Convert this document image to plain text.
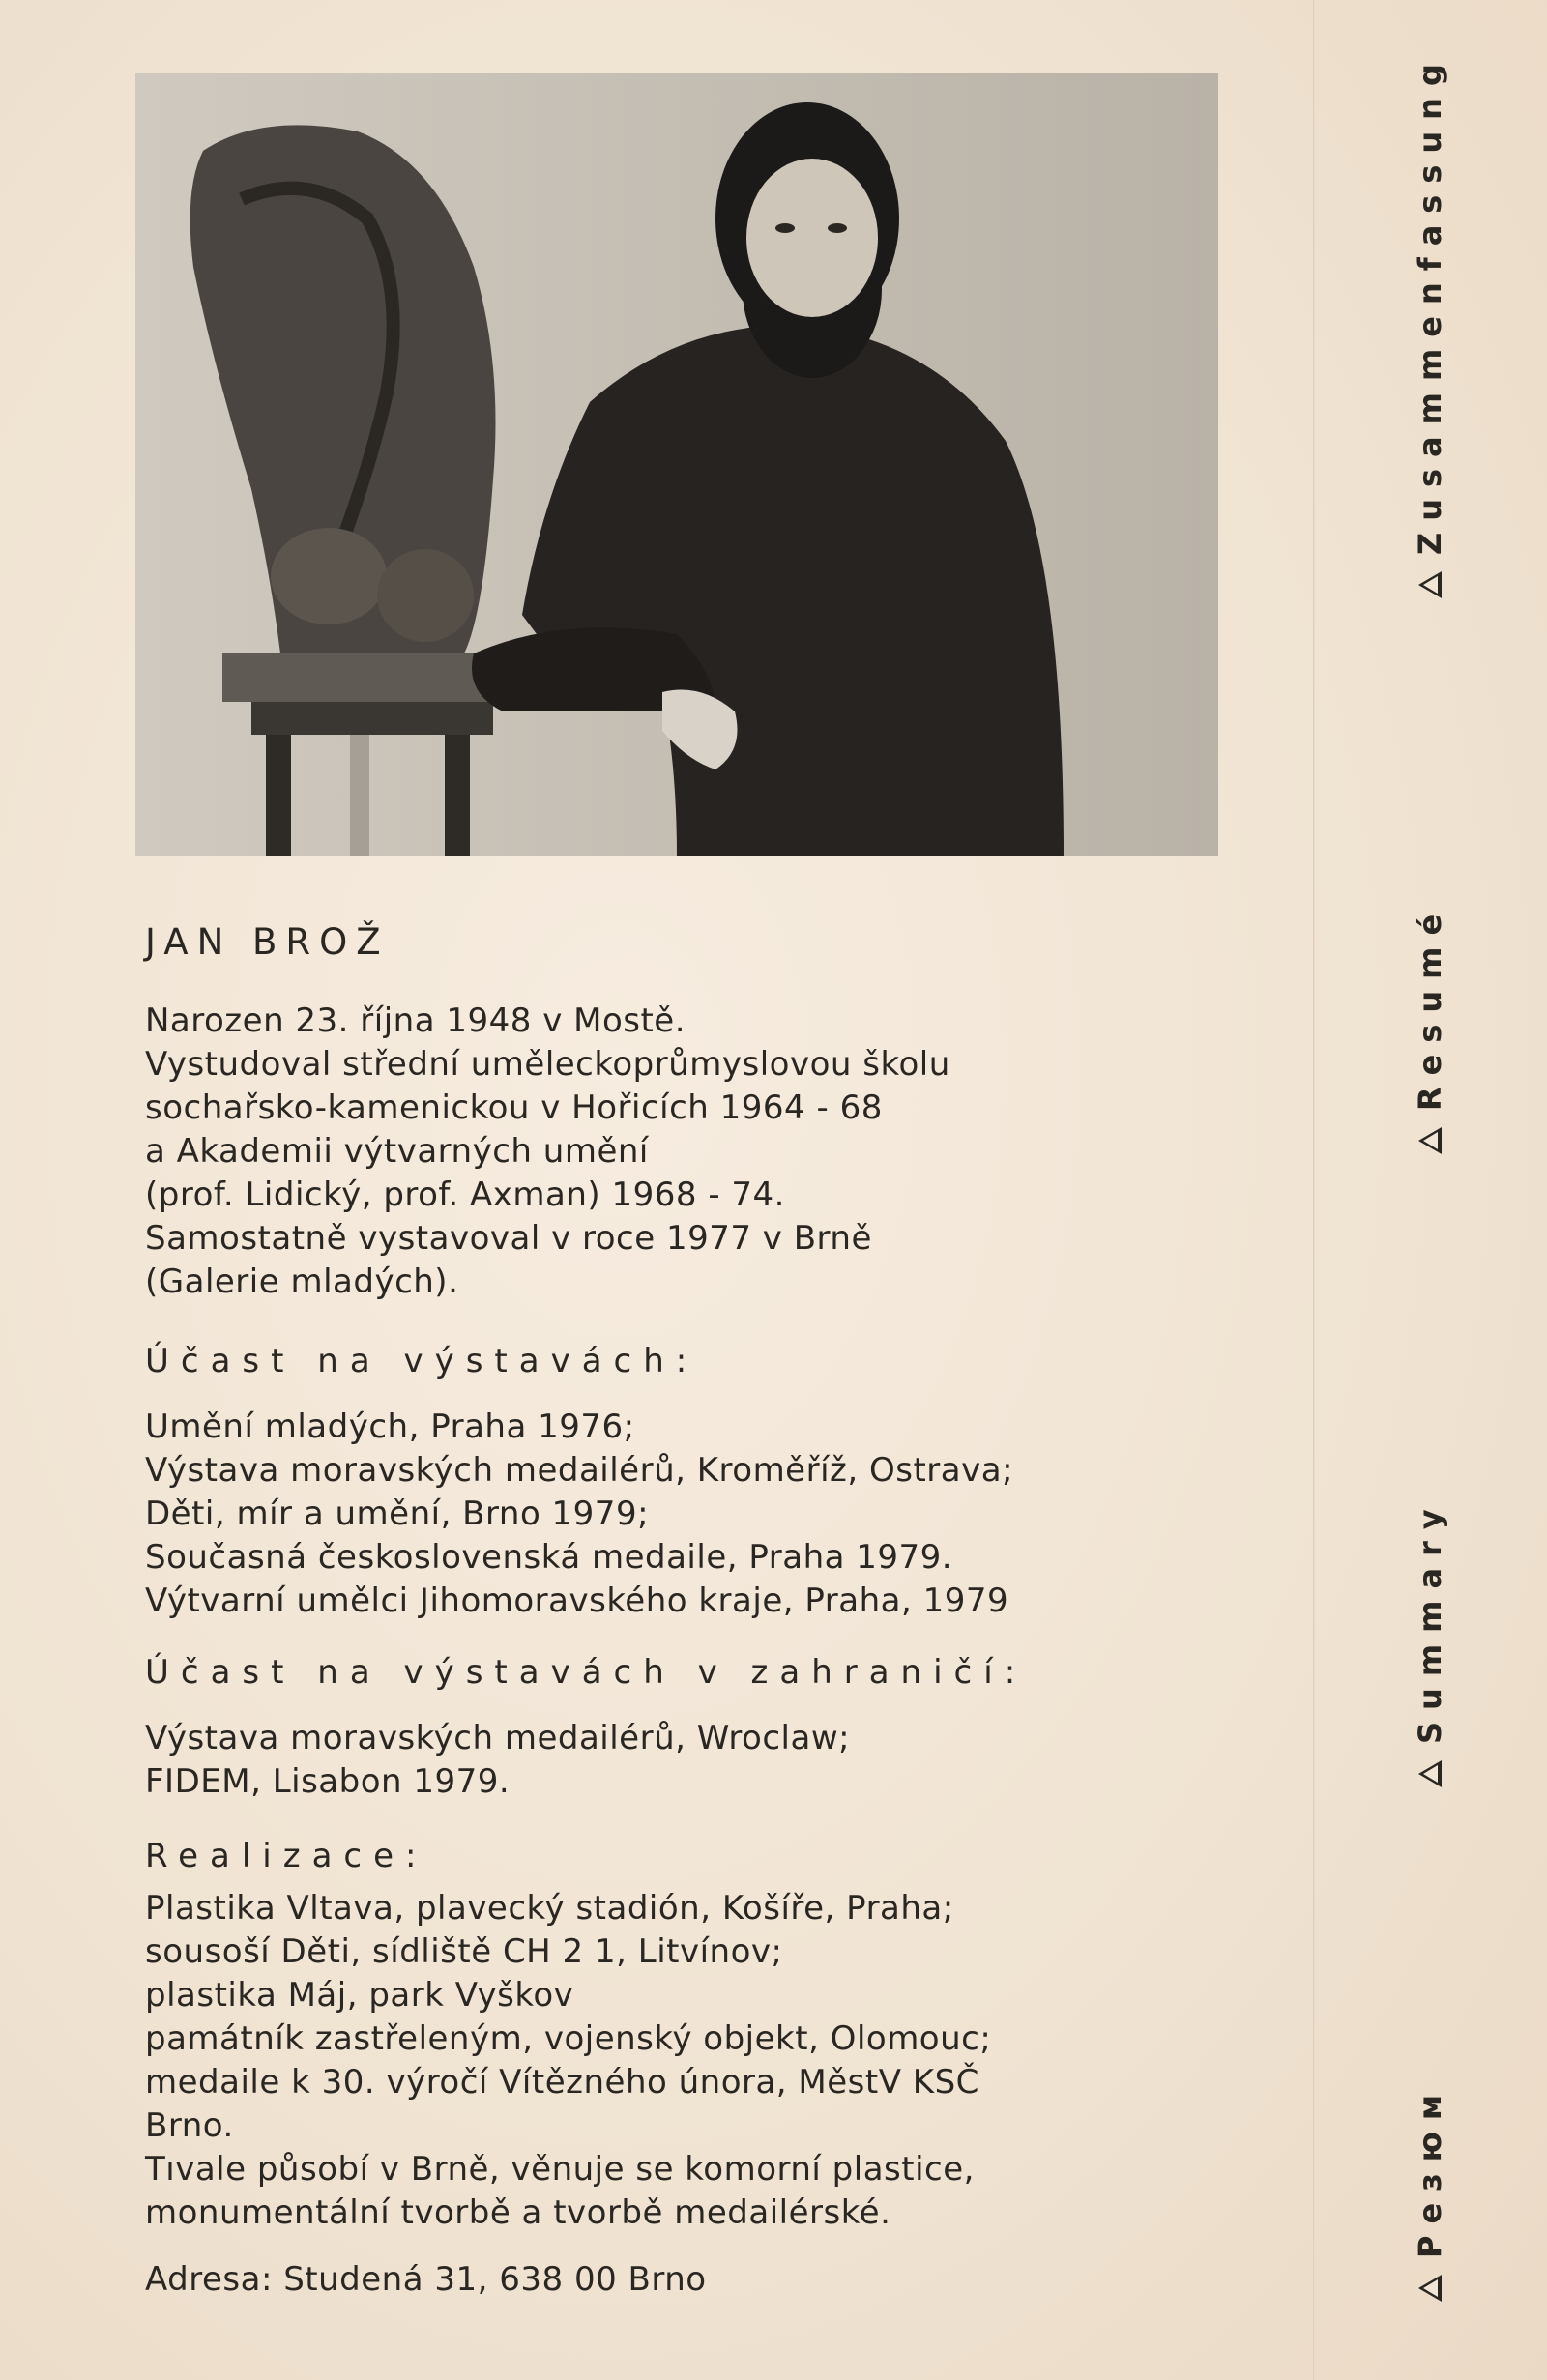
JAN BROŽ
Narozen 23. října 1948 v Mostě.
Vystudoval střední uměleckoprůmyslovou školu
sochařsko-kamenickou v Hořicích 1964 - 68
a Akademii výtvarných umění
(prof. Lidický, prof. Axman) 1968 - 74.
Samostatně vystavoval v roce 1977 v Brně
(Galerie mladých).
Účast na výstavách:
Umění mladých, Praha 1976;
Výstava moravských medailérů, Kroměříž, Ostrava;
Děti, mír a umění, Brno 1979;
Současná československá medaile, Praha 1979.
Výtvarní umělci Jihomoravského kraje, Praha, 1979
Účast na výstavách v zahraničí:
Výstava moravských medailérů, Wroclaw;
FIDEM, Lisabon 1979.
Realizace:
Plastika Vltava, plavecký stadión, Košíře, Praha;
sousoší Děti, sídliště CH 2 1, Litvínov;
plastika Máj, park Vyškov
památník zastřeleným, vojenský objekt, Olomouc;
medaile k 30. výročí Vítězného února, MěstV KSČ
Brno.
Tıvale působí v Brně, věnuje se komorní plastice,
monumentální tvorbě a tvorbě medailérské.
Adresa: Studená 31, 638 00 Brno
Zusammenfassung
Resumé
Summary
Резюм
